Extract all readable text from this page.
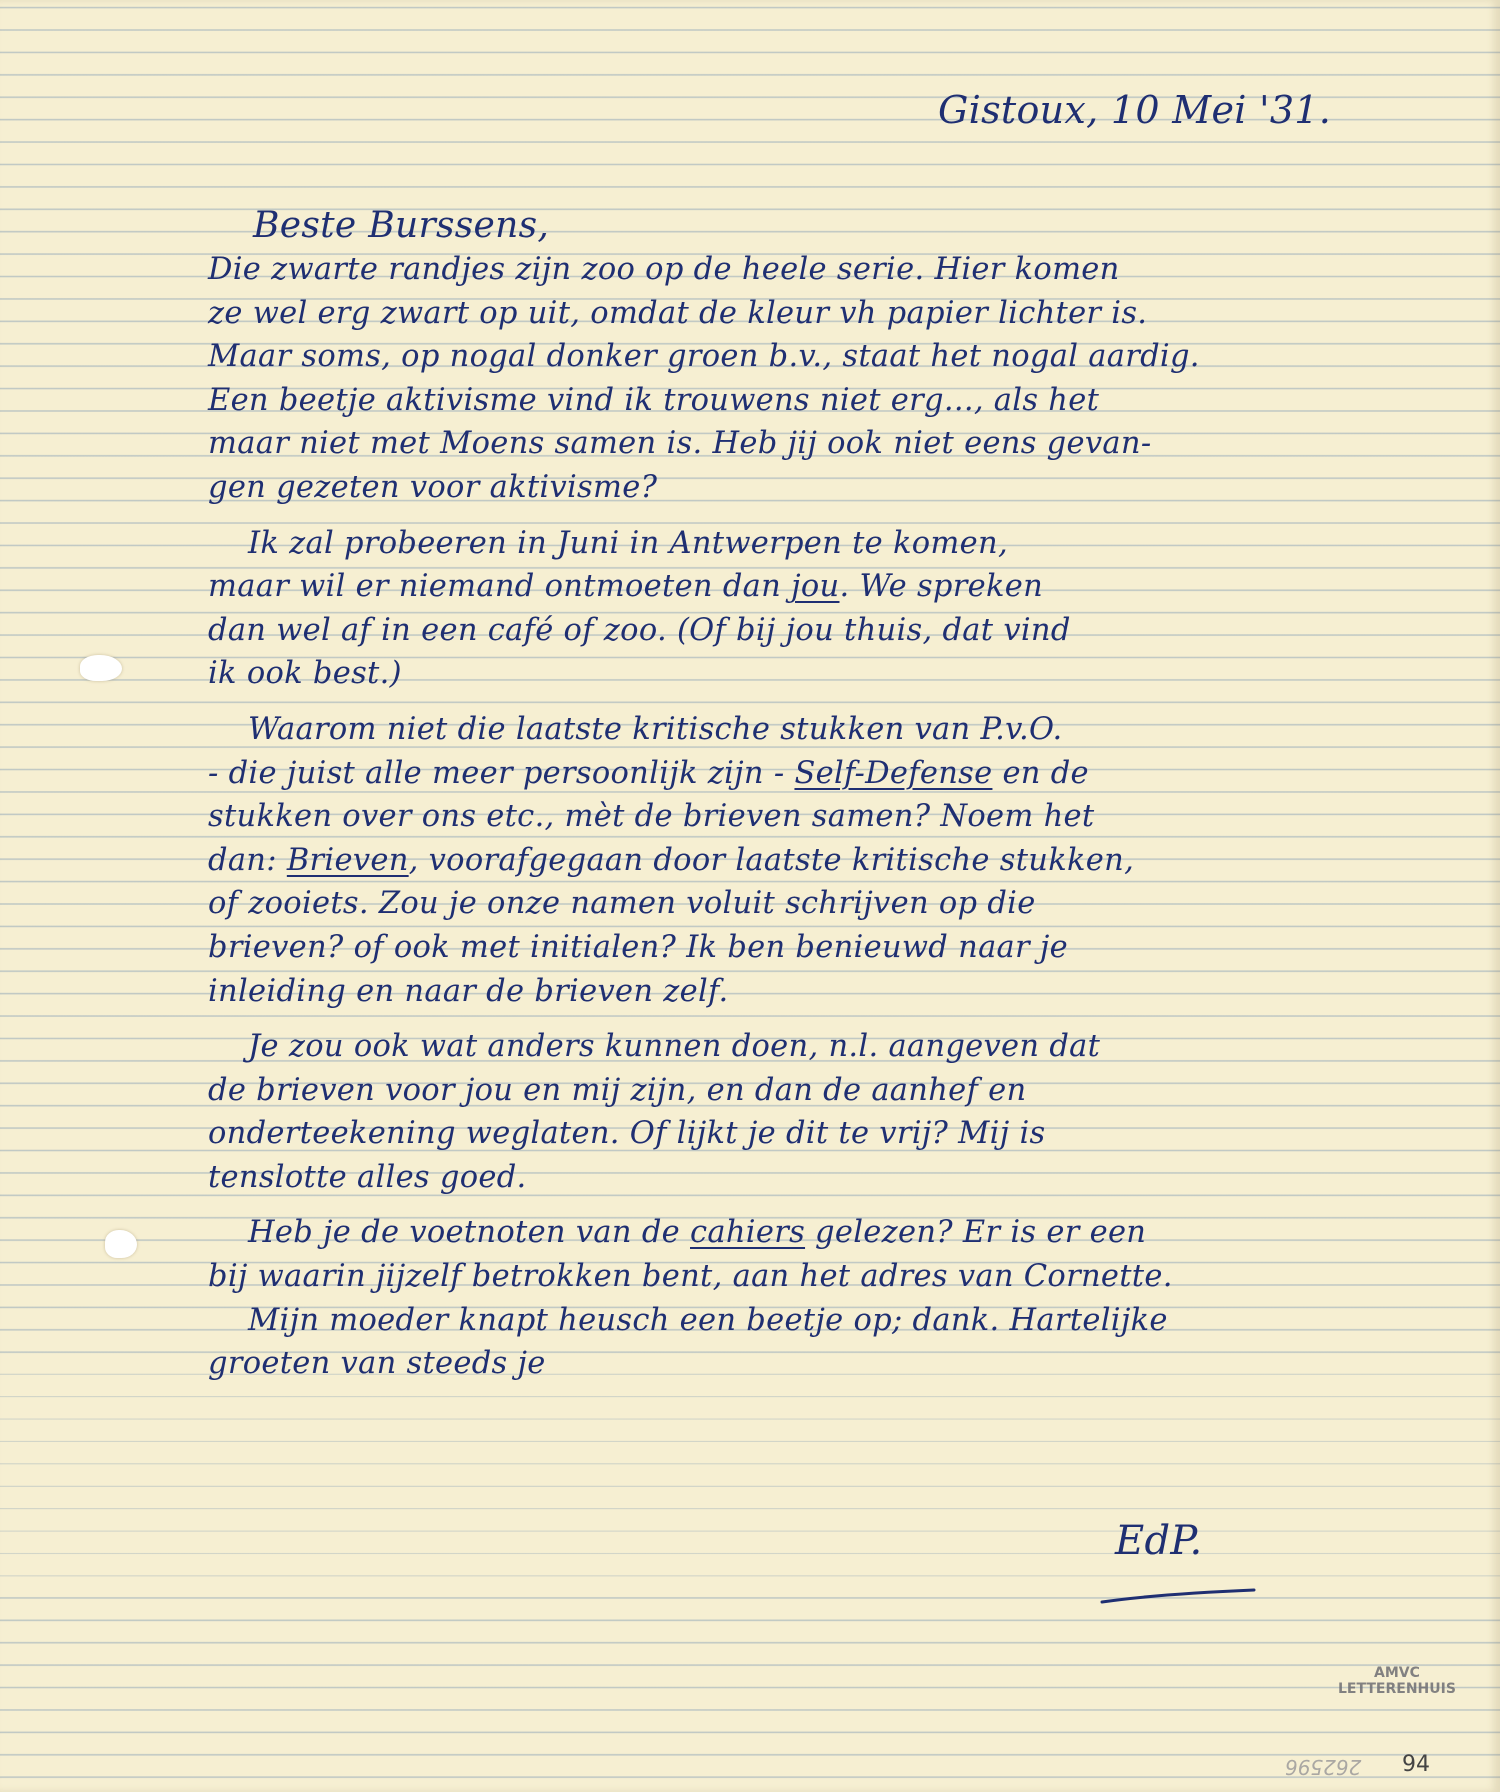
Gistoux, 10 Mei '31.
Beste Burssens,
Die zwarte randjes zijn zoo op de heele serie. Hier komen
ze wel erg zwart op uit, omdat de kleur vh papier lichter is.
Maar soms, op nogal donker groen b.v., staat het nogal aardig.
Een beetje aktivisme vind ik trouwens niet erg..., als het
maar niet met Moens samen is. Heb jij ook niet eens gevan-
gen gezeten voor aktivisme?
Ik zal probeeren in Juni in Antwerpen te komen,
maar wil er niemand ontmoeten dan jou. We spreken
dan wel af in een café of zoo. (Of bij jou thuis, dat vind
ik ook best.)
Waarom niet die laatste kritische stukken van P.v.O.
- die juist alle meer persoonlijk zijn - Self-Defense en de
stukken over ons etc., mèt de brieven samen? Noem het
dan: Brieven, voorafgegaan door laatste kritische stukken,
of zooiets. Zou je onze namen voluit schrijven op die
brieven? of ook met initialen? Ik ben benieuwd naar je
inleiding en naar de brieven zelf.
Je zou ook wat anders kunnen doen, n.l. aangeven dat
de brieven voor jou en mij zijn, en dan de aanhef en
onderteekening weglaten. Of lijkt je dit te vrij? Mij is
tenslotte alles goed.
Heb je de voetnoten van de cahiers gelezen? Er is er een
bij waarin jijzelf betrokken bent, aan het adres van Cornette.
Mijn moeder knapt heusch een beetje op; dank. Hartelijke
groeten van steeds je
EdP.
AMVC
LETTERENHUIS
262596 94
